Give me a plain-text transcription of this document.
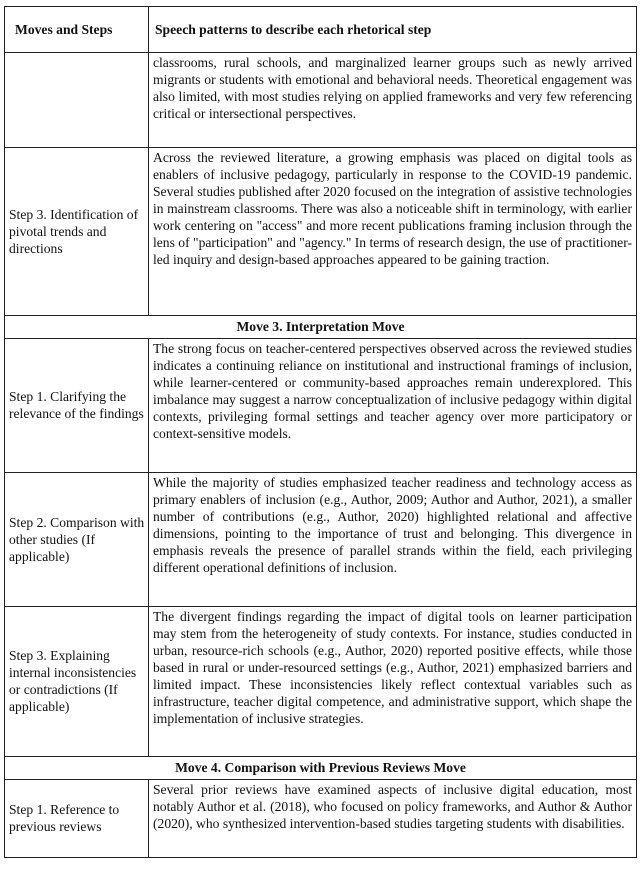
Moves and Steps	Speech patterns to describe each rhetorical step
	classrooms, rural schools, and marginalized learner groups such as newly arrived migrants or students with emotional and behavioral needs. Theoretical engagement was also limited, with most studies relying on applied frameworks and very few referencing critical or intersectional perspectives.
Step 3. Identification of pivotal trends and directions	Across the reviewed literature, a growing emphasis was placed on digital tools as enablers of inclusive pedagogy, particularly in response to the COVID-19 pandemic. Several studies published after 2020 focused on the integration of assistive technologies in mainstream classrooms. There was also a noticeable shift in terminology, with earlier work centering on "access" and more recent publications framing inclusion through the lens of "participation" and "agency." In terms of research design, the use of practitioner-led inquiry and design-based approaches appeared to be gaining traction.
Move 3. Interpretation Move	
Step 1. Clarifying the relevance of the findings	The strong focus on teacher-centered perspectives observed across the reviewed studies indicates a continuing reliance on institutional and instructional framings of inclusion, while learner-centered or community-based approaches remain underexplored. This imbalance may suggest a narrow conceptualization of inclusive pedagogy within digital contexts, privileging formal settings and teacher agency over more participatory or context-sensitive models.
Step 2. Comparison with other studies (If applicable)	While the majority of studies emphasized teacher readiness and technology access as primary enablers of inclusion (e.g., Author, 2009; Author and Author, 2021), a smaller number of contributions (e.g., Author, 2020) highlighted relational and affective dimensions, pointing to the importance of trust and belonging. This divergence in emphasis reveals the presence of parallel strands within the field, each privileging different operational definitions of inclusion.
Step 3. Explaining internal inconsistencies or contradictions (If applicable)	The divergent findings regarding the impact of digital tools on learner participation may stem from the heterogeneity of study contexts. For instance, studies conducted in urban, resource-rich schools (e.g., Author, 2020) reported positive effects, while those based in rural or under-resourced settings (e.g., Author, 2021) emphasized barriers and limited impact. These inconsistencies likely reflect contextual variables such as infrastructure, teacher digital competence, and administrative support, which shape the implementation of inclusive strategies.
Move 4. Comparison with Previous Reviews Move	
Step 1. Reference to previous reviews	Several prior reviews have examined aspects of inclusive digital education, most notably Author et al. (2018), who focused on policy frameworks, and Author & Author (2020), who synthesized intervention-based studies targeting students with disabilities.
